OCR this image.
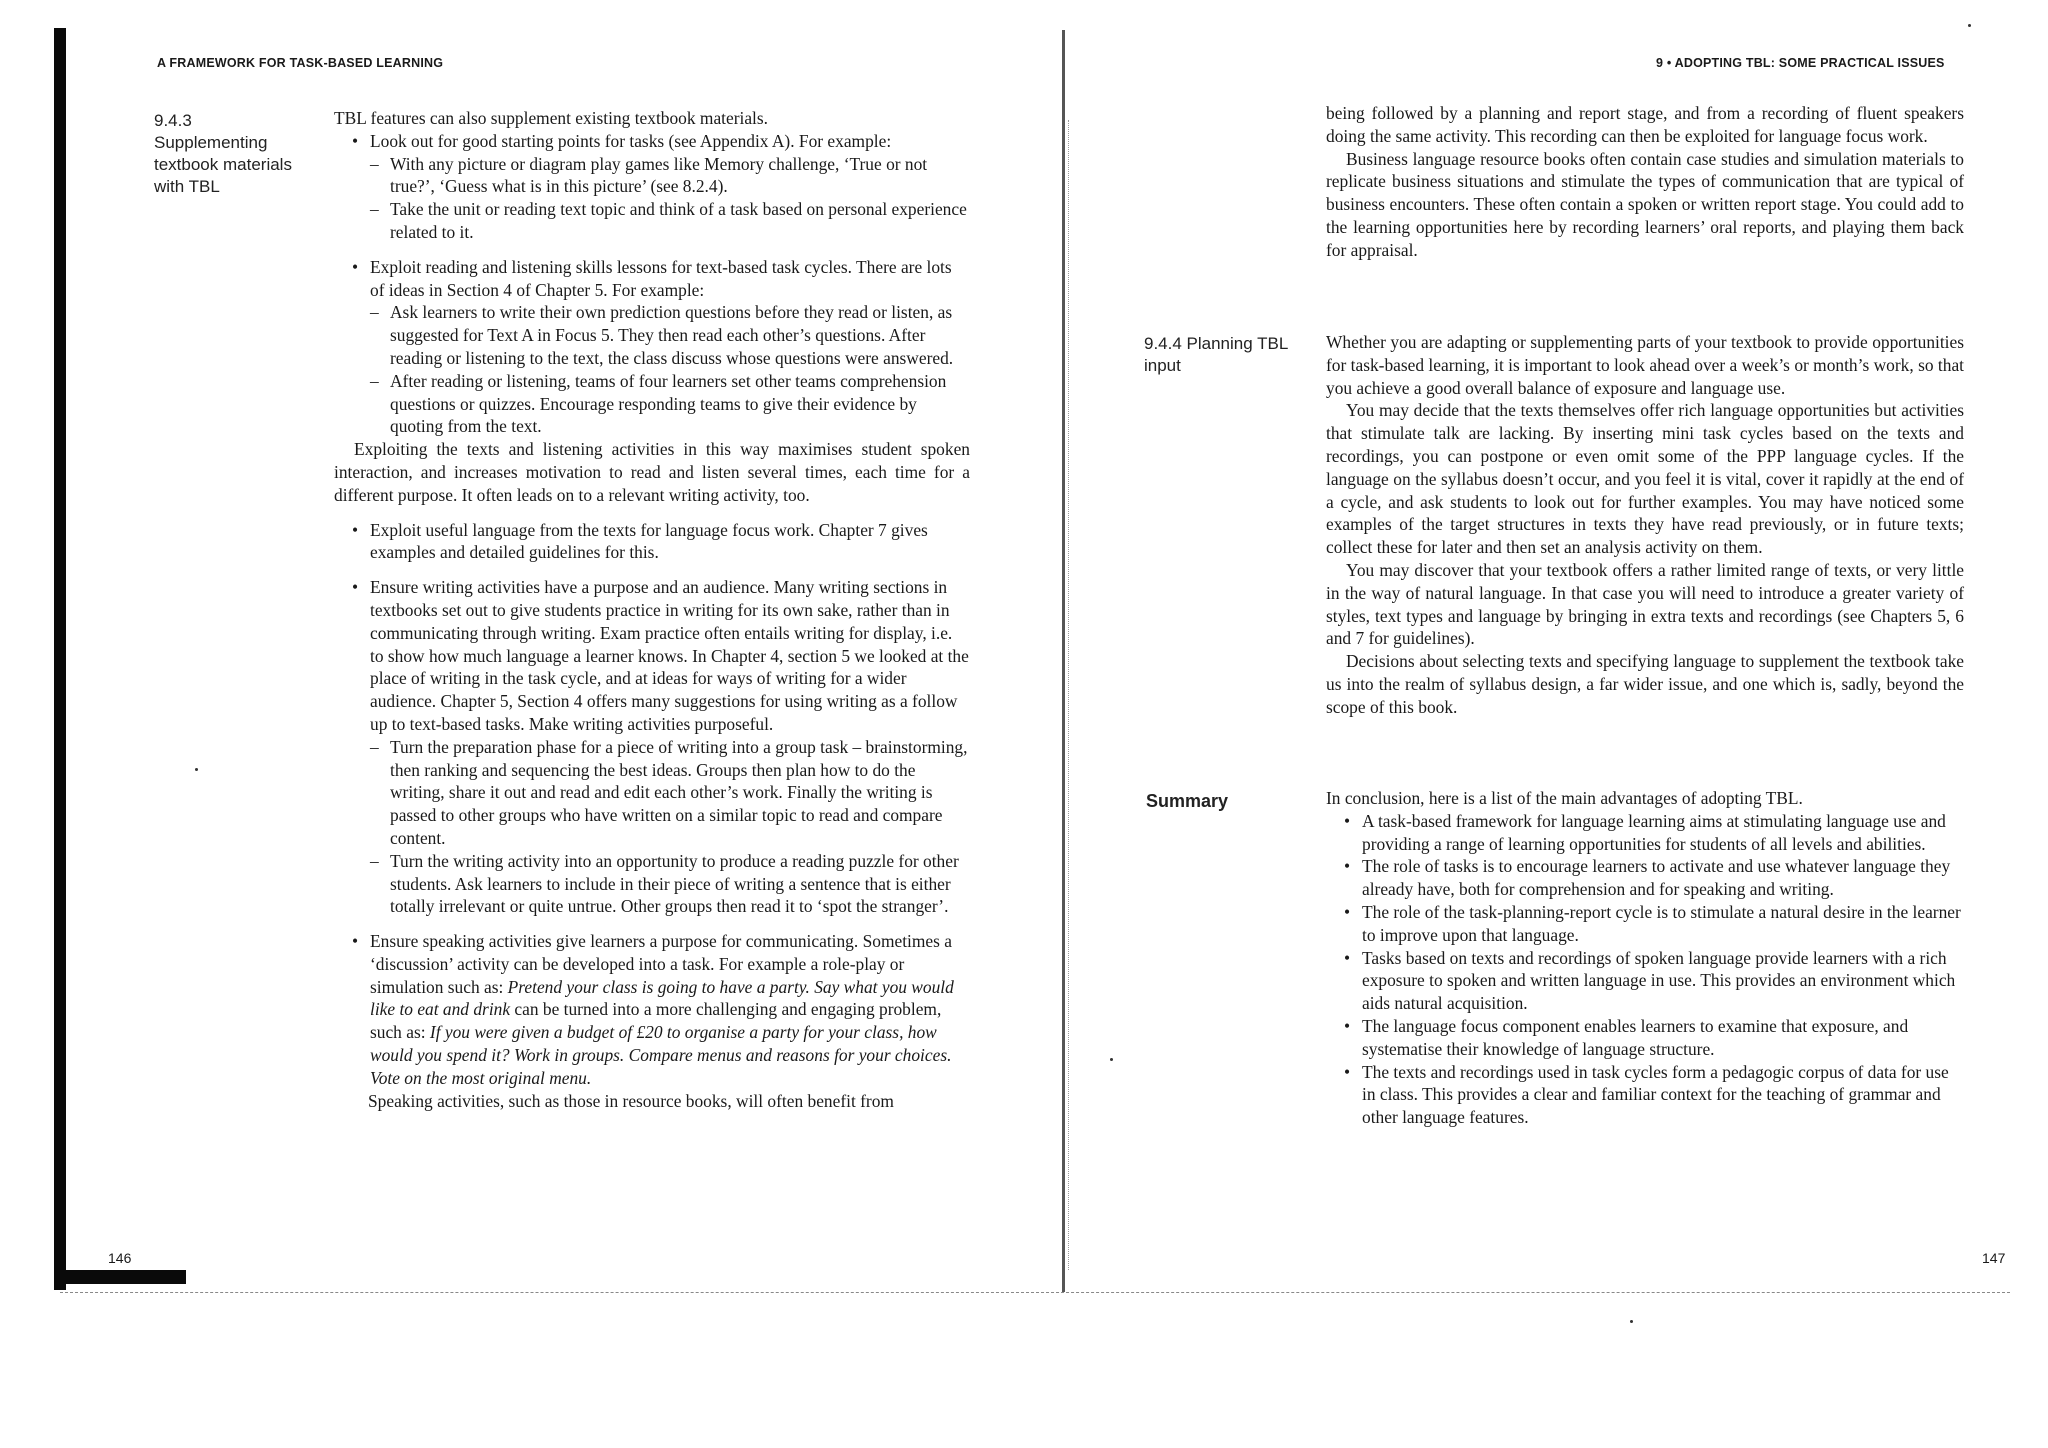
A FRAMEWORK FOR TASK-BASED LEARNING
9.4.3
Supplementing
textbook materials
with TBL

TBL features can also supplement existing textbook materials.

• Look out for good starting points for tasks (see Appendix A). For example:

– With any picture or diagram play games like Memory challenge, ‘True or not true?’, ‘Guess what is in this picture’ (see 8.2.4).

– Take the unit or reading text topic and think of a task based on personal experience related to it.

• Exploit reading and listening skills lessons for text-based task cycles. There are lots of ideas in Section 4 of Chapter 5. For example:

– Ask learners to write their own prediction questions before they read or listen, as suggested for Text A in Focus 5. They then read each other’s questions. After reading or listening to the text, the class discuss whose questions were answered.

– After reading or listening, teams of four learners set other teams comprehension questions or quizzes. Encourage responding teams to give their evidence by quoting from the text.

Exploiting the texts and listening activities in this way maximises student spoken interaction, and increases motivation to read and listen several times, each time for a different purpose. It often leads on to a relevant writing activity, too.

• Exploit useful language from the texts for language focus work. Chapter 7 gives examples and detailed guidelines for this.

• Ensure writing activities have a purpose and an audience. Many writing sections in textbooks set out to give students practice in writing for its own sake, rather than in communicating through writing. Exam practice often entails writing for display, i.e. to show how much language a learner knows. In Chapter 4, section 5 we looked at the place of writing in the task cycle, and at ideas for ways of writing for a wider audience. Chapter 5, Section 4 offers many suggestions for using writing as a follow up to text-based tasks. Make writing activities purposeful.

– Turn the preparation phase for a piece of writing into a group task – brainstorming, then ranking and sequencing the best ideas. Groups then plan how to do the writing, share it out and read and edit each other’s work. Finally the writing is passed to other groups who have written on a similar topic to read and compare content.

– Turn the writing activity into an opportunity to produce a reading puzzle for other students. Ask learners to include in their piece of writing a sentence that is either totally irrelevant or quite untrue. Other groups then read it to ‘spot the stranger’.

• Ensure speaking activities give learners a purpose for communicating. Sometimes a ‘discussion’ activity can be developed into a task. For example a role-play or simulation such as: Pretend your class is going to have a party. Say what you would like to eat and drink can be turned into a more challenging and engaging problem, such as: If you were given a budget of £20 to organise a party for your class, how would you spend it? Work in groups. Compare menus and reasons for your choices. Vote on the most original menu.

Speaking activities, such as those in resource books, will often benefit from

146
9 • ADOPTING TBL: SOME PRACTICAL ISSUES

being followed by a planning and report stage, and from a recording of fluent speakers doing the same activity. This recording can then be exploited for language focus work.

Business language resource books often contain case studies and simulation materials to replicate business situations and stimulate the types of communication that are typical of business encounters. These often contain a spoken or written report stage. You could add to the learning opportunities here by recording learners’ oral reports, and playing them back for appraisal.

9.4.4 Planning TBL
input

Whether you are adapting or supplementing parts of your textbook to provide opportunities for task-based learning, it is important to look ahead over a week’s or month’s work, so that you achieve a good overall balance of exposure and language use.

You may decide that the texts themselves offer rich language opportunities but activities that stimulate talk are lacking. By inserting mini task cycles based on the texts and recordings, you can postpone or even omit some of the PPP language cycles. If the language on the syllabus doesn’t occur, and you feel it is vital, cover it rapidly at the end of a cycle, and ask students to look out for further examples. You may have noticed some examples of the target structures in texts they have read previously, or in future texts; collect these for later and then set an analysis activity on them.

You may discover that your textbook offers a rather limited range of texts, or very little in the way of natural language. In that case you will need to introduce a greater variety of styles, text types and language by bringing in extra texts and recordings (see Chapters 5, 6 and 7 for guidelines).

Decisions about selecting texts and specifying language to supplement the textbook take us into the realm of syllabus design, a far wider issue, and one which is, sadly, beyond the scope of this book.

Summary	In conclusion, here is a list of the main advantages of adopting TBL.

• A task-based framework for language learning aims at stimulating language use and providing a range of learning opportunities for students of all levels and abilities.

• The role of tasks is to encourage learners to activate and use whatever language they already have, both for comprehension and for speaking and writing.

• The role of the task-planning-report cycle is to stimulate a natural desire in the learner to improve upon that language.

• Tasks based on texts and recordings of spoken language provide learners with a rich exposure to spoken and written language in use. This provides an environment which aids natural acquisition.

• The language focus component enables learners to examine that exposure, and systematise their knowledge of language structure.

• The texts and recordings used in task cycles form a pedagogic corpus of data for use in class. This provides a clear and familiar context for the teaching of grammar and other language features.

147
